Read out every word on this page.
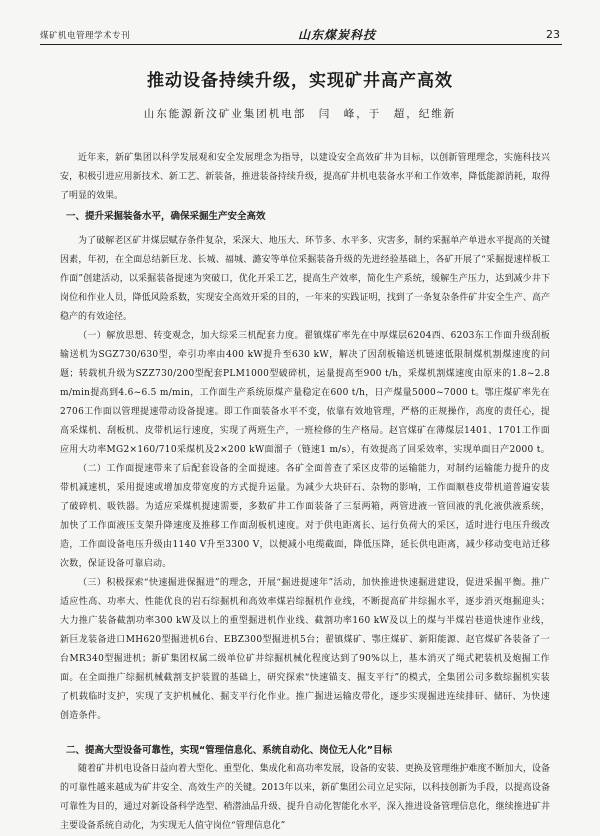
煤矿机电管理学术专刊	山东煤炭科技	23
推动设备持续升级，实现矿井高产高效
山东能源新汶矿业集团机电部　闫　峰，于　超，纪维新

近年来，新矿集团以科学发展观和安全发展理念为指导，以建设安全高效矿井为目标，以创新管理理念，实施科技兴安，积极引进应用新技术、新工艺、新装备，推进装备持续升级，提高矿井机电装备水平和工作效率，降低能源消耗，取得了明显的效果。

一、提升采掘装备水平，确保采掘生产安全高效

为了破解老区矿井煤层赋存条件复杂，采深大、地压大、环节多、水平多、灾害多，制约采掘单产单进水平提高的关键因素，年初，在全面总结新巨龙、长城、福城、潞安等单位采掘装备升级的先进经验基础上，各矿开展了“采掘提速样板工作面”创建活动，以采掘装备提速为突破口，优化开采工艺，提高生产效率，简化生产系统，缓解生产压力，达到减少井下岗位和作业人员，降低风险系数，实现安全高效开采的目的，一年来的实践证明，找到了一条复杂条件矿井安全生产、高产稳产的有效途径。

（一）解放思想、转变观念，加大综采三机配套力度。翟镇煤矿率先在中厚煤层6204西、6203东工作面升级刮板输送机为SGZ730/630型，牵引功率由400 kW提升至630 kW，解决了因刮板输送机链速低限制煤机割煤速度的问题；转载机升级为SZZ730/200型配套PLM1000型破碎机，运量提高至900 t/h，采煤机割煤速度由原来的1.8~2.8 m/min提高到4.6~6.5 m/min，工作面生产系统原煤产量稳定在600 t/h，日产煤量5000~7000 t。鄂庄煤矿率先在2706工作面以管理提速带动设备提速。即工作面装备水平不变，依靠有效地管理，严格的正规操作，高度的责任心，提高采煤机、刮板机、皮带机运行速度，实现了两班生产，一班检修的生产格局。赵官煤矿在薄煤层1401、1701工作面应用大功率MG2×160/710采煤机及2×200 kW面溜子（链速1 m/s），有效提高了回采效率，实现单面日产2000 t。

（二）工作面提速带来了后配套设备的全面提速。各矿全面普查了采区皮带的运输能力，对制约运输能力提升的皮带机减速机，采用提速或增加皮带宽度的方式提升运量。为减少大块矸石、杂物的影响，工作面顺巷皮带机道普遍安装了破碎机、吸铁器。为适应采煤机提速需要，多数矿井工作面装备了三泵两箱，两管进液一管回液的乳化液供液系统，加快了工作面液压支架升降速度及推移工作面刮板机速度。对于供电距离长、运行负荷大的采区，适时进行电压升级改造，工作面设备电压升级由1140 V升至3300 V，以便减小电缆截面，降低压降，延长供电距离，减少移动变电站迁移次数，保证设备可靠启动。

（三）积极探索“快速掘进保掘进”的理念，开展“掘进提速年”活动，加快推进快速掘进建设，促进采掘平衡。推广适应性高、功率大、性能优良的岩石综掘机和高效率煤岩综掘机作业线，不断提高矿井综掘水平，逐步消灭炮掘迎头；大力推广装备截割功率300 kW及以上的重型掘进机作业线、截割功率160 kW及以上的煤与半煤岩巷道快速作业线，新巨龙装备进口MH620型掘进机6台、EBZ300型掘进机5台；翟镇煤矿、鄂庄煤矿、新阳能源、赵官煤矿各装备了一台MR340型掘进机；新矿集团权属二级单位矿井综掘机械化程度达到了90%以上，基本消灭了绳式耙装机及炮掘工作面。在全面推广综掘机械截割支护装置的基础上，研究探索“快速锚支、掘支平行”的模式，全集团公司多数综掘机实装了机载临时支护，实现了支护机械化、掘支平行化作业。推广掘进运输皮带化，逐步实现掘进连续排矸、储矸、为快速创造条件。

二、提高大型设备可靠性，实现“管理信息化、系统自动化、岗位无人化”目标

随着矿井机电设备日益向着大型化、重型化、集成化和高功率发展，设备的安装、更换及管理维护难度不断加大，设备的可靠性越来越成为矿井安全、高效生产的关键。2013年以来，新矿集团公司立足实际，以科技创新为手段，以提高设备可靠性为目的，通过对新设备科学选型、稍潜油品升级、提升自动化智能化水平，深入推进设备管理信息化，继续推进矿井主要设备系统自动化，为实现无人值守岗位“管理信息化”
